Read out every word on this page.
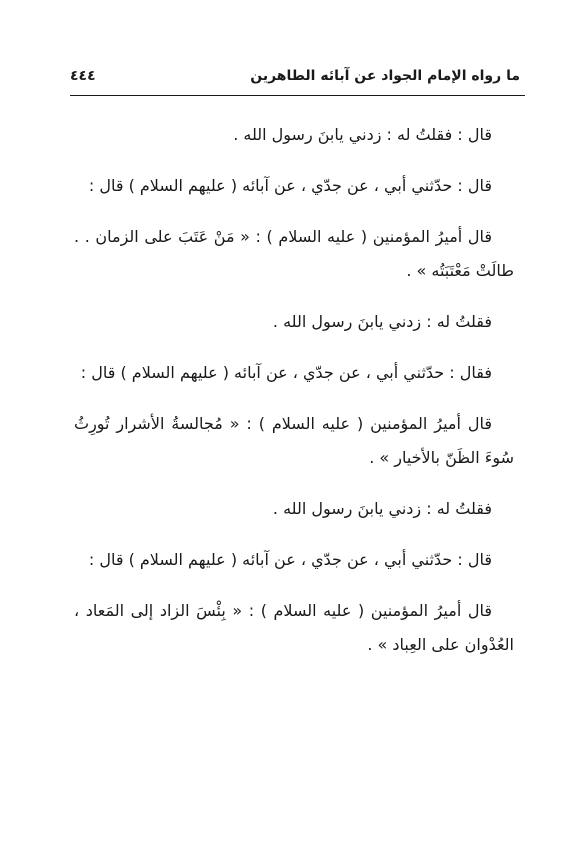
ما رواه الإمام الجواد عن آبائه الطاهرين
٤٤٤

قال : فقلتُ له : زدني يابنَ رسول الله .

قال : حدّثني أبي ، عن جدّي ، عن آبائه ( عليهم السلام ) قال :

قال أميرُ المؤمنين ( عليه السلام ) : « مَنْ عَتَبَ على الزمان . . طالَتْ مَعْتَبَتُه » .

فقلتُ له : زدني يابنَ رسول الله .

فقال : حدّثني أبي ، عن جدّي ، عن آبائه ( عليهم السلام ) قال :

قال أميرُ المؤمنين ( عليه السلام ) : « مُجالسةُ الأشرار تُورِثُ سُوءَ الظَنّ بالأخيار » .

فقلتُ له : زدني يابنَ رسول الله .

قال : حدّثني أبي ، عن جدّي ، عن آبائه ( عليهم السلام ) قال :

قال أميرُ المؤمنين ( عليه السلام ) : « بِئْسَ الزاد إلى المَعاد ، العُدْوان على العِباد » .
